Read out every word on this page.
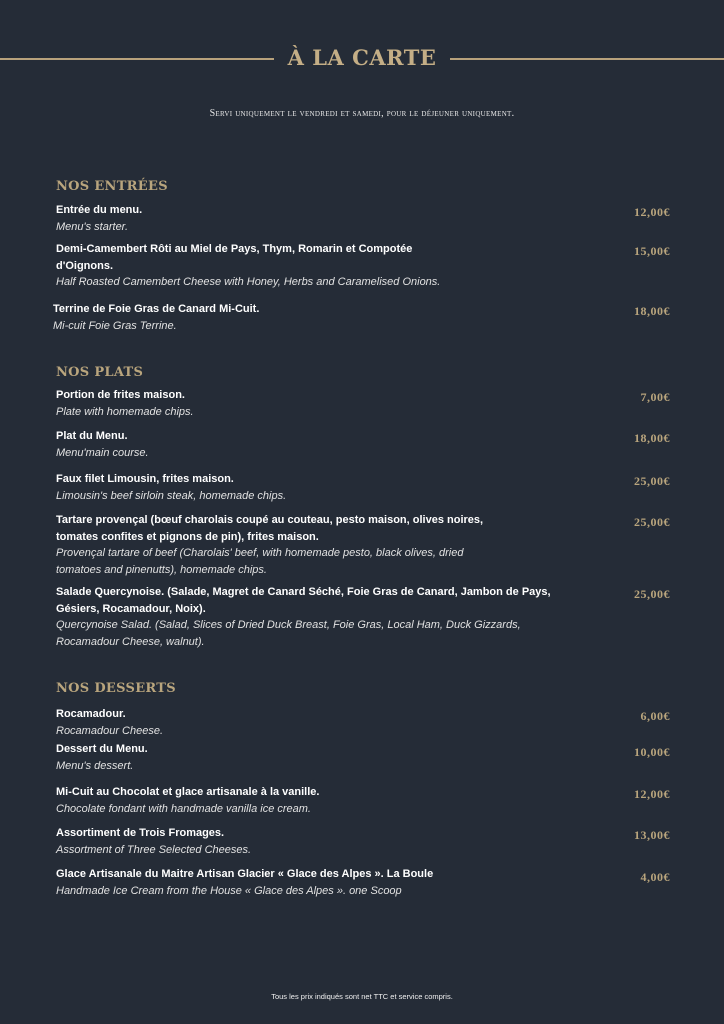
À LA CARTE
Servi uniquement le vendredi et samedi, pour le déjeuner uniquement.
NOS ENTRÉES
Entrée du menu.
Menu's starter.
12,00€
Demi-Camembert Rôti au Miel de Pays, Thym, Romarin et Compotée d'Oignons.
Half Roasted Camembert Cheese with Honey, Herbs and Caramelised Onions.
15,00€
Terrine de Foie Gras de Canard Mi-Cuit.
Mi-cuit Foie Gras Terrine.
18,00€
NOS PLATS
Portion de frites maison.
Plate with homemade chips.
7,00€
Plat du Menu.
Menu'main course.
18,00€
Faux filet Limousin, frites maison.
Limousin's beef sirloin steak, homemade chips.
25,00€
Tartare provençal (bœuf charolais coupé au couteau, pesto maison, olives noires, tomates confites et pignons de pin), frites maison.
Provençal tartare of beef (Charolais' beef, with homemade pesto, black olives, dried tomatoes and pinenutts), homemade chips.
25,00€
Salade Quercynoise. (Salade, Magret de Canard Séché, Foie Gras de Canard, Jambon de Pays, Gésiers, Rocamadour, Noix).
Quercynoise Salad. (Salad, Slices of Dried Duck Breast, Foie Gras, Local Ham, Duck Gizzards, Rocamadour Cheese, walnut).
25,00€
NOS DESSERTS
Rocamadour.
Rocamadour Cheese.
6,00€
Dessert du Menu.
Menu's dessert.
10,00€
Mi-Cuit au Chocolat et glace artisanale à la vanille.
Chocolate fondant with handmade vanilla ice cream.
12,00€
Assortiment de Trois Fromages.
Assortment of Three Selected Cheeses.
13,00€
Glace Artisanale du Maitre Artisan Glacier « Glace des Alpes ». La Boule
Handmade Ice Cream from the House « Glace des Alpes ». one Scoop
4,00€
Tous les prix indiqués sont net TTC et service compris.
